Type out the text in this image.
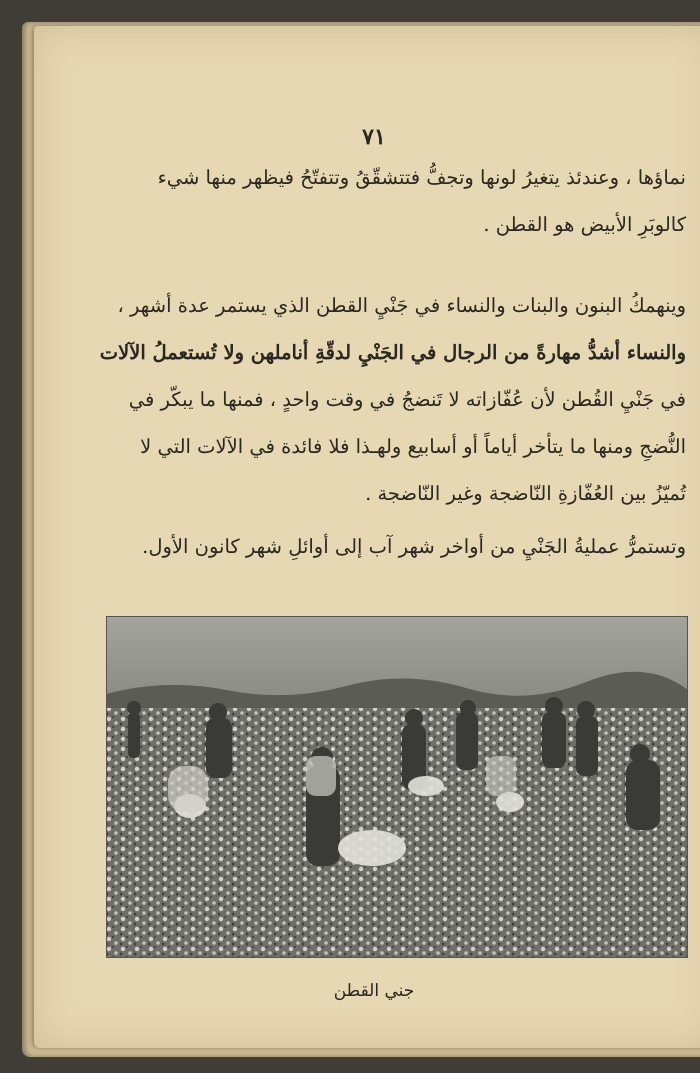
٧١
نماؤها ، وعندئذ يتغيرُ لونها وتجفُّ فتتشقّقُ وتتفتّحُ فيظهر منها شيء
كالوبَرِ الأبيض هو القطن .
وينهمكُ البنون والبنات والنساء في جَنْيِ القطن الذي يستمر عدة أشهر ،
والنساء أشدُّ مهارةً من الرجال في الجَنْيِ لدقّةِ أناملهن ولا تُستعملُ الآلات
في جَنْيِ القُطن لأن عُفّازاته لا تَنضجُ في وقت واحدٍ ، فمنها ما يبكّر في
النُّضجِ ومنها ما يتأخر أياماً أو أسابيع ولهـذا فلا فائدة في الآلات التي لا
تُميّزُ بين العُفّازةِ النّاضجة وغير النّاضجة .
وتستمرُّ عمليةُ الجَنْيِ من أواخر شهر آب إلى أوائلِ شهر كانون الأول.
جني القطن
